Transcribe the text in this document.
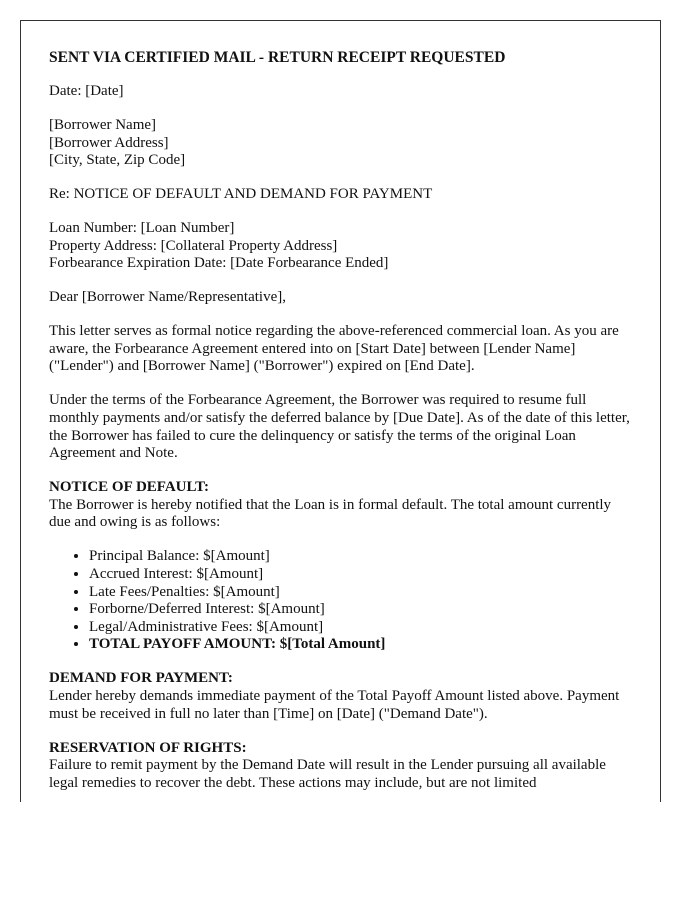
SENT VIA CERTIFIED MAIL - RETURN RECEIPT REQUESTED

Date: [Date]

[Borrower Name]
[Borrower Address]
[City, State, Zip Code]

Re: NOTICE OF DEFAULT AND DEMAND FOR PAYMENT

Loan Number: [Loan Number]
Property Address: [Collateral Property Address]
Forbearance Expiration Date: [Date Forbearance Ended]

Dear [Borrower Name/Representative],

This letter serves as formal notice regarding the above-referenced commercial loan. As you are aware, the Forbearance Agreement entered into on [Start Date] between [Lender Name] ("Lender") and [Borrower Name] ("Borrower") expired on [End Date].

Under the terms of the Forbearance Agreement, the Borrower was required to resume full monthly payments and/or satisfy the deferred balance by [Due Date]. As of the date of this letter, the Borrower has failed to cure the delinquency or satisfy the terms of the original Loan Agreement and Note.

NOTICE OF DEFAULT:
The Borrower is hereby notified that the Loan is in formal default. The total amount currently due and owing is as follows:

• Principal Balance: $[Amount]
• Accrued Interest: $[Amount]
• Late Fees/Penalties: $[Amount]
• Forborne/Deferred Interest: $[Amount]
• Legal/Administrative Fees: $[Amount]
• TOTAL PAYOFF AMOUNT: $[Total Amount]

DEMAND FOR PAYMENT:
Lender hereby demands immediate payment of the Total Payoff Amount listed above. Payment must be received in full no later than [Time] on [Date] ("Demand Date").

RESERVATION OF RIGHTS:
Failure to remit payment by the Demand Date will result in the Lender pursuing all available legal remedies to recover the debt. These actions may include, but are not limited
